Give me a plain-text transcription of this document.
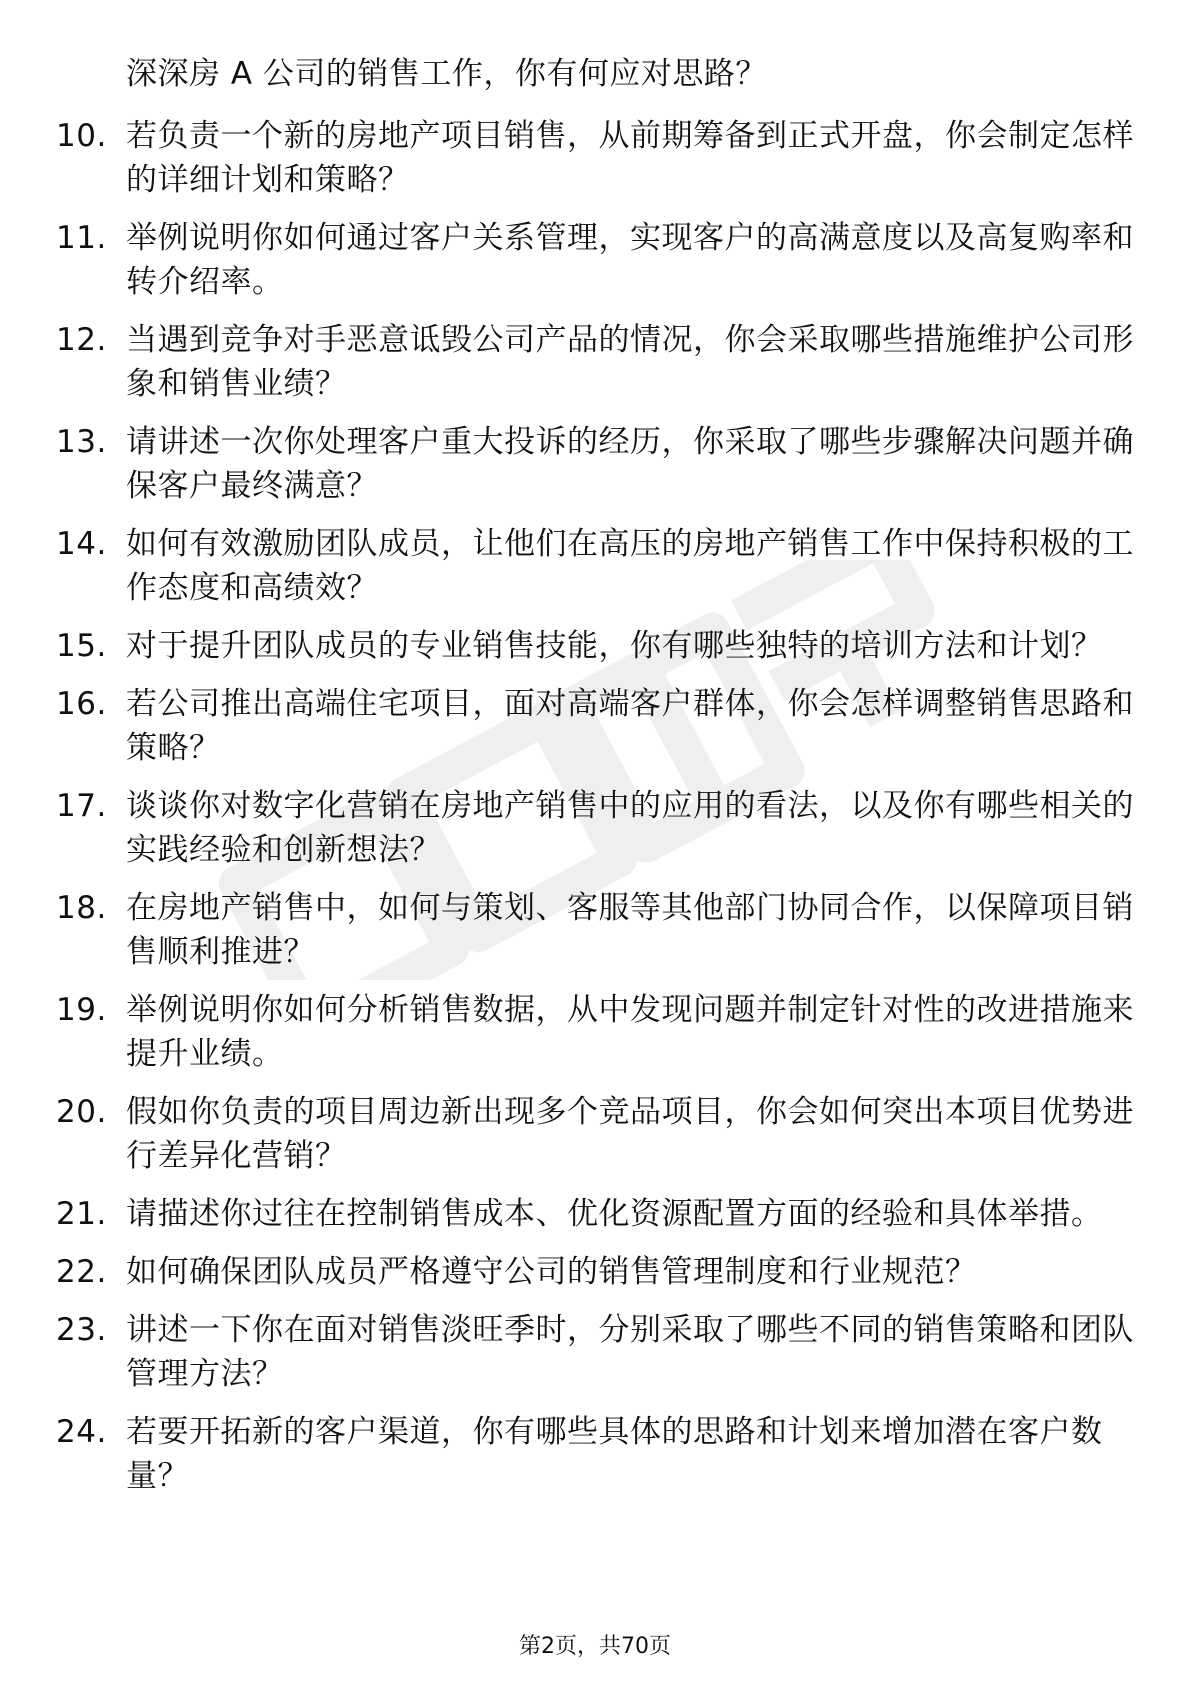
深深房 A 公司的销售工作，你有何应对思路？
10. 若负责一个新的房地产项目销售，从前期筹备到正式开盘，你会制定怎样的详细计划和策略？
11. 举例说明你如何通过客户关系管理，实现客户的高满意度以及高复购率和转介绍率。
12. 当遇到竞争对手恶意诋毁公司产品的情况，你会采取哪些措施维护公司形象和销售业绩？
13. 请讲述一次你处理客户重大投诉的经历，你采取了哪些步骤解决问题并确保客户最终满意？
14. 如何有效激励团队成员，让他们在高压的房地产销售工作中保持积极的工作态度和高绩效？
15. 对于提升团队成员的专业销售技能，你有哪些独特的培训方法和计划？
16. 若公司推出高端住宅项目，面对高端客户群体，你会怎样调整销售思路和策略？
17. 谈谈你对数字化营销在房地产销售中的应用的看法，以及你有哪些相关的实践经验和创新想法？
18. 在房地产销售中，如何与策划、客服等其他部门协同合作，以保障项目销售顺利推进？
19. 举例说明你如何分析销售数据，从中发现问题并制定针对性的改进措施来提升业绩。
20. 假如你负责的项目周边新出现多个竞品项目，你会如何突出本项目优势进行差异化营销？
21. 请描述你过往在控制销售成本、优化资源配置方面的经验和具体举措。
22. 如何确保团队成员严格遵守公司的销售管理制度和行业规范？
23. 讲述一下你在面对销售淡旺季时，分别采取了哪些不同的销售策略和团队管理方法？
24. 若要开拓新的客户渠道，你有哪些具体的思路和计划来增加潜在客户数量？
第2页，共70页
